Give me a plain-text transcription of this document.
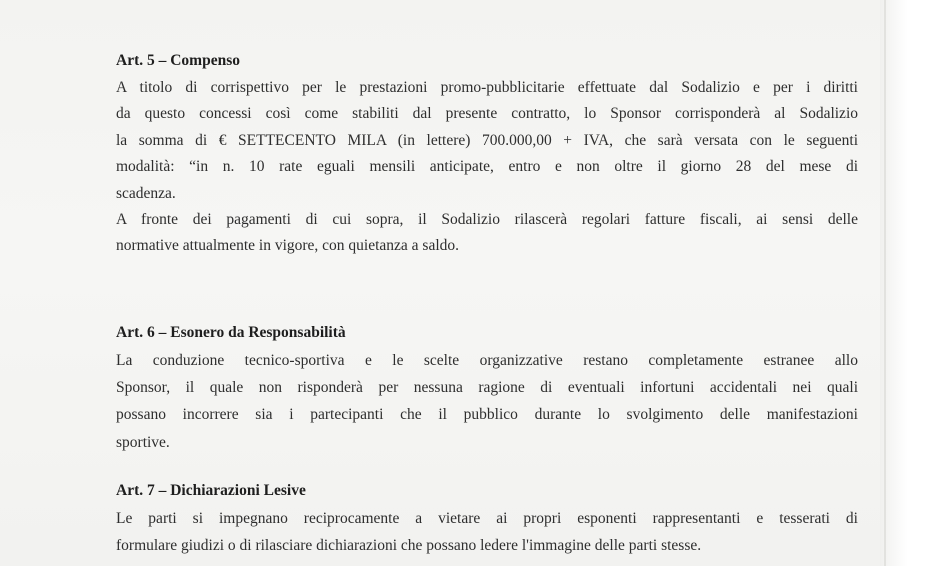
Art. 5 – Compenso
A titolo di corrispettivo per le prestazioni promo-pubblicitarie effettuate dal Sodalizio e per i diritti
da questo concessi così come stabiliti dal presente contratto, lo Sponsor corrisponderà al Sodalizio
la somma di € SETTECENTO MILA (in lettere) 700.000,00 + IVA, che sarà versata con le seguenti
modalità: “in n. 10 rate eguali mensili anticipate, entro e non oltre il giorno 28 del mese di
scadenza.
A fronte dei pagamenti di cui sopra, il Sodalizio rilascerà regolari fatture fiscali, ai sensi delle
normative attualmente in vigore, con quietanza a saldo.
Art. 6 – Esonero da Responsabilità
La conduzione tecnico-sportiva e le scelte organizzative restano completamente estranee allo
Sponsor, il quale non risponderà per nessuna ragione di eventuali infortuni accidentali nei quali
possano incorrere sia i partecipanti che il pubblico durante lo svolgimento delle manifestazioni
sportive.
Art. 7 – Dichiarazioni Lesive
Le parti si impegnano reciprocamente a vietare ai propri esponenti rappresentanti e tesserati di
formulare giudizi o di rilasciare dichiarazioni che possano ledere l'immagine delle parti stesse.
